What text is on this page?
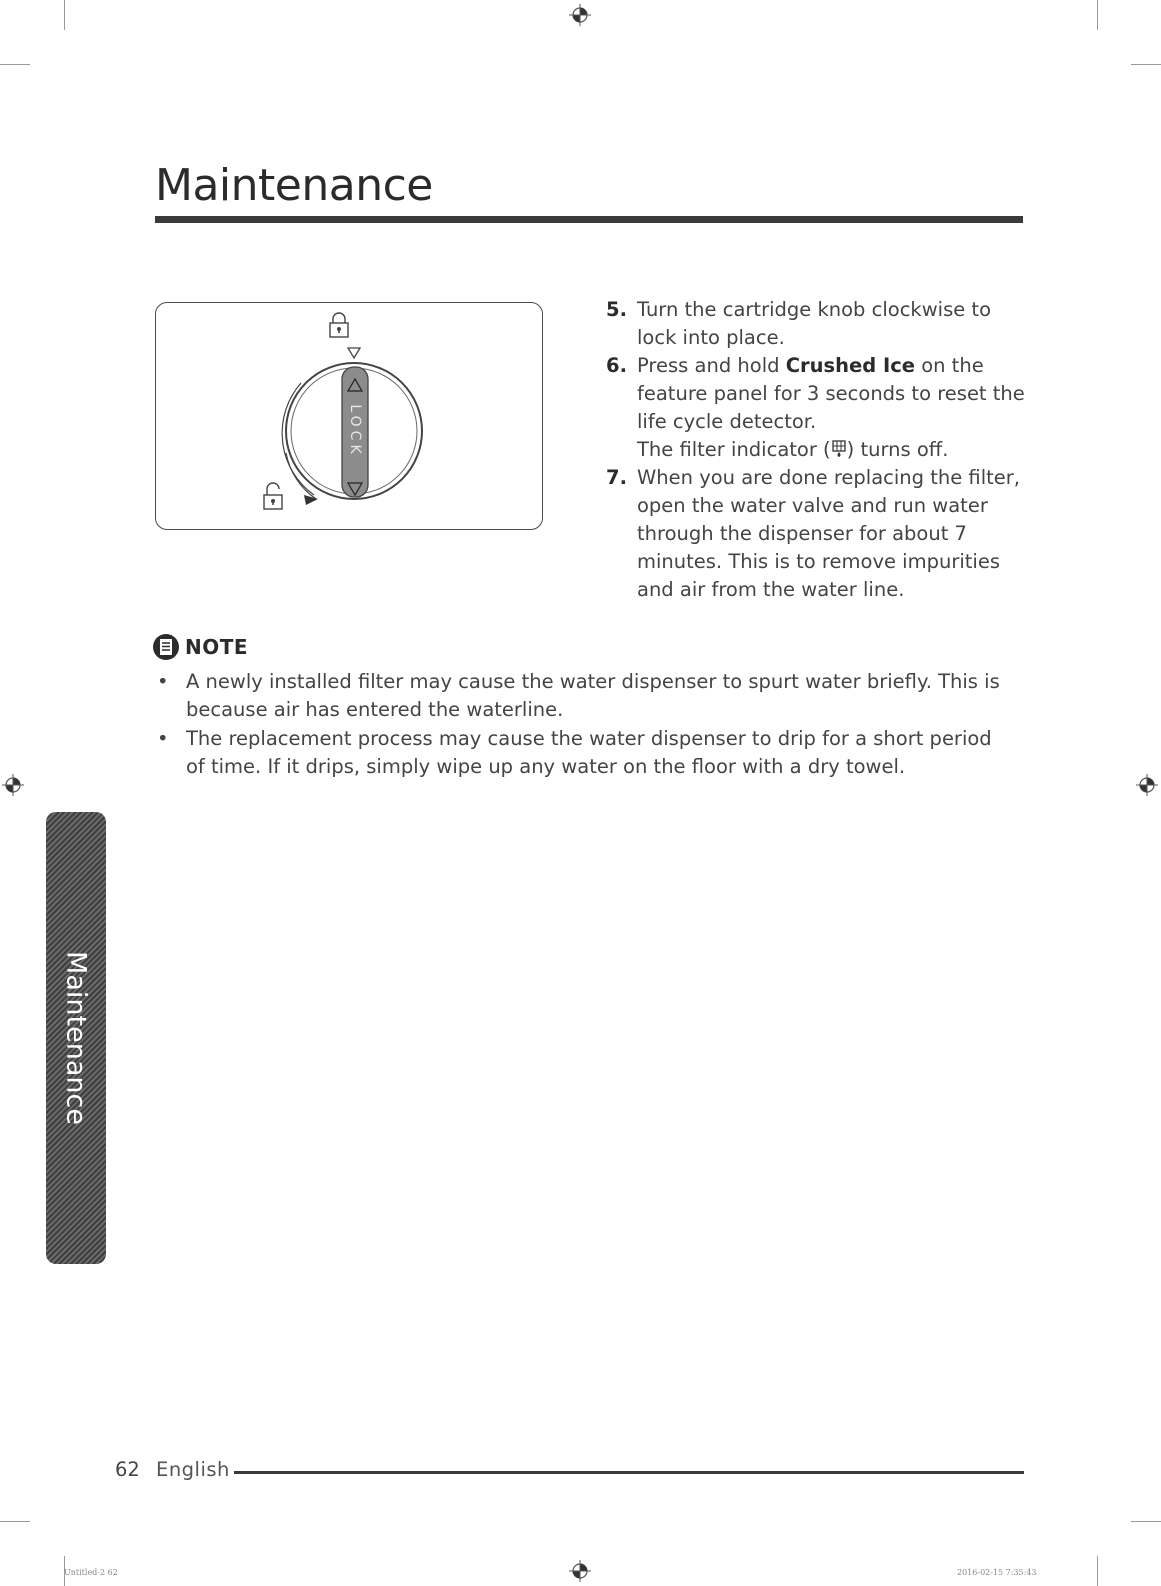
Maintenance
LOCK
5. Turn the cartridge knob clockwise to lock into place.
6. Press and hold Crushed Ice on the feature panel for 3 seconds to reset the life cycle detector.
The filter indicator ( ) turns off.
7. When you are done replacing the filter, open the water valve and run water through the dispenser for about 7 minutes. This is to remove impurities and air from the water line.
NOTE
• A newly installed filter may cause the water dispenser to spurt water briefly. This is because air has entered the waterline.
• The replacement process may cause the water dispenser to drip for a short period of time. If it drips, simply wipe up any water on the floor with a dry towel.
Maintenance
62 English
Untitled-2 62	2016-02-15 7:35:43
